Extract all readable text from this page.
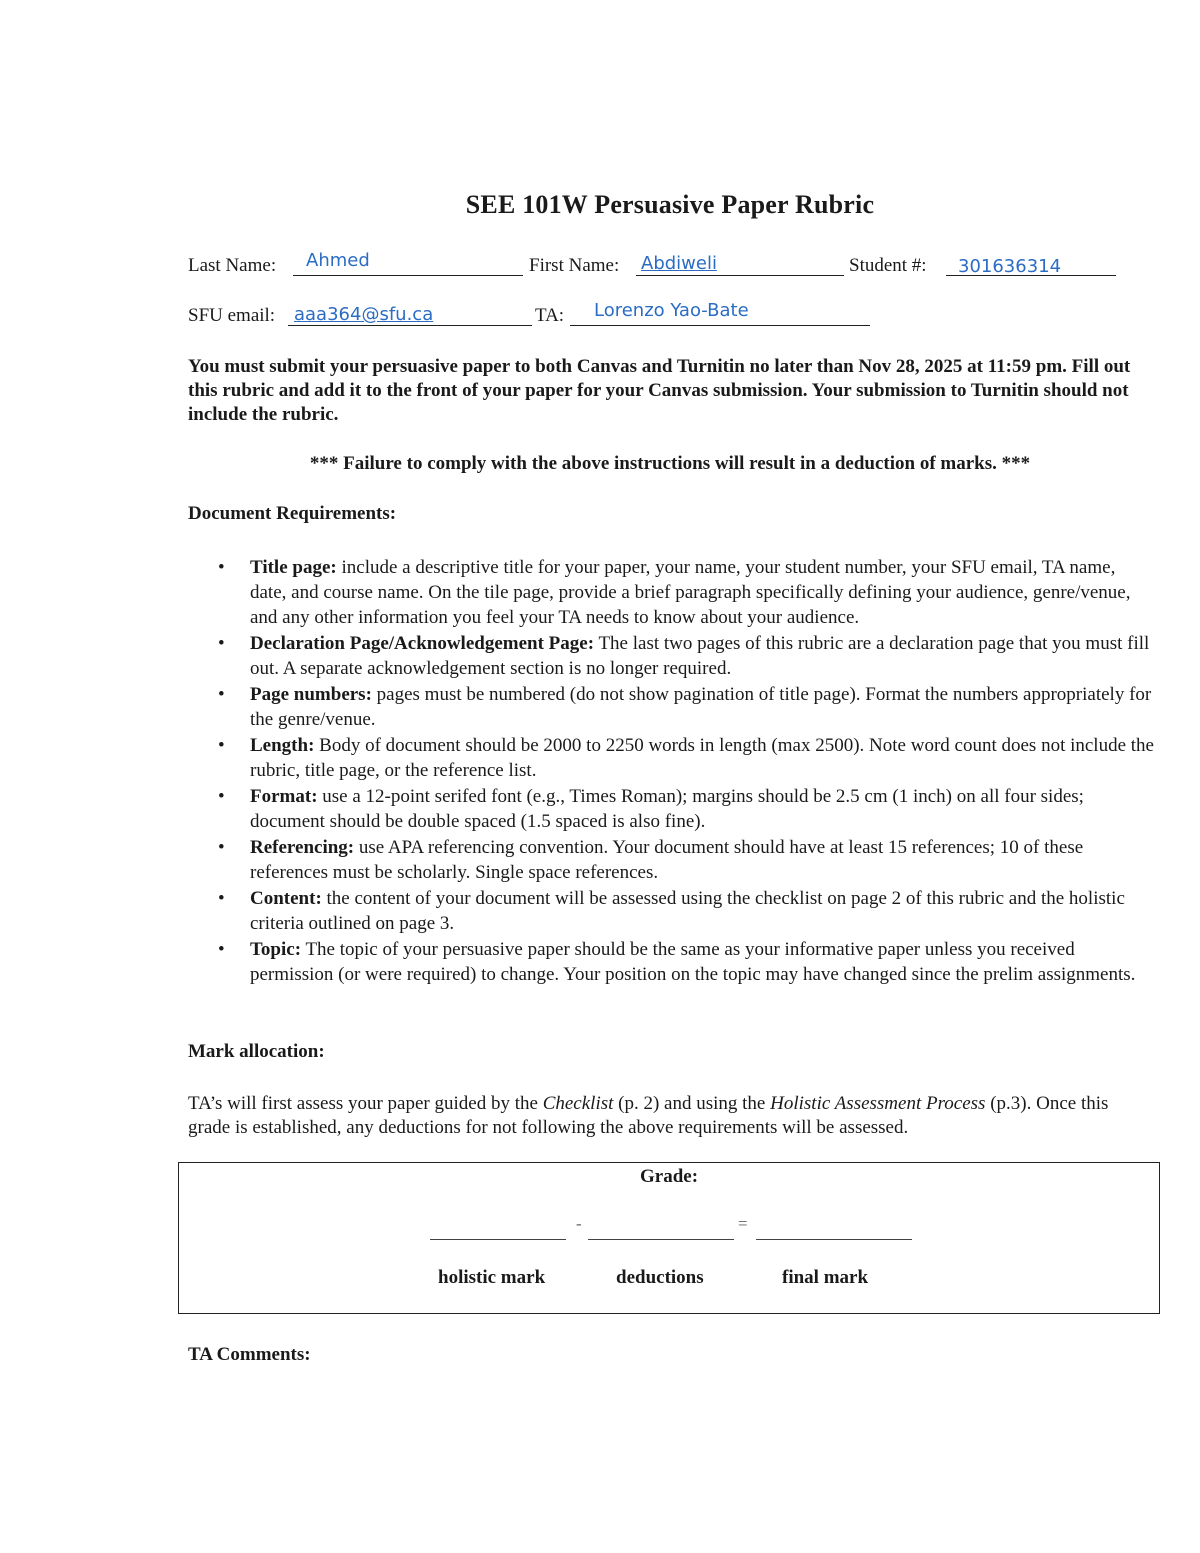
SEE 101W Persuasive Paper Rubric
Last Name: Ahmed	First Name: Abdiweli	Student #: 301636314
SFU email: aaa364@sfu.ca	TA: Lorenzo Yao-Bate
You must submit your persuasive paper to both Canvas and Turnitin no later than Nov 28, 2025 at 11:59 pm. Fill out this rubric and add it to the front of your paper for your Canvas submission. Your submission to Turnitin should not include the rubric.
*** Failure to comply with the above instructions will result in a deduction of marks. ***
Document Requirements:
• Title page: include a descriptive title for your paper, your name, your student number, your SFU email, TA name, date, and course name. On the tile page, provide a brief paragraph specifically defining your audience, genre/venue, and any other information you feel your TA needs to know about your audience.
• Declaration Page/Acknowledgement Page: The last two pages of this rubric are a declaration page that you must fill out. A separate acknowledgement section is no longer required.
• Page numbers: pages must be numbered (do not show pagination of title page). Format the numbers appropriately for the genre/venue.
• Length: Body of document should be 2000 to 2250 words in length (max 2500). Note word count does not include the rubric, title page, or the reference list.
• Format: use a 12-point serifed font (e.g., Times Roman); margins should be 2.5 cm (1 inch) on all four sides; document should be double spaced (1.5 spaced is also fine).
• Referencing: use APA referencing convention. Your document should have at least 15 references; 10 of these references must be scholarly. Single space references.
• Content: the content of your document will be assessed using the checklist on page 2 of this rubric and the holistic criteria outlined on page 3.
• Topic: The topic of your persuasive paper should be the same as your informative paper unless you received permission (or were required) to change. Your position on the topic may have changed since the prelim assignments.
Mark allocation:
TA’s will first assess your paper guided by the Checklist (p. 2) and using the Holistic Assessment Process (p.3). Once this grade is established, any deductions for not following the above requirements will be assessed.
Grade:
-	=
holistic mark	deductions	final mark
TA Comments:
